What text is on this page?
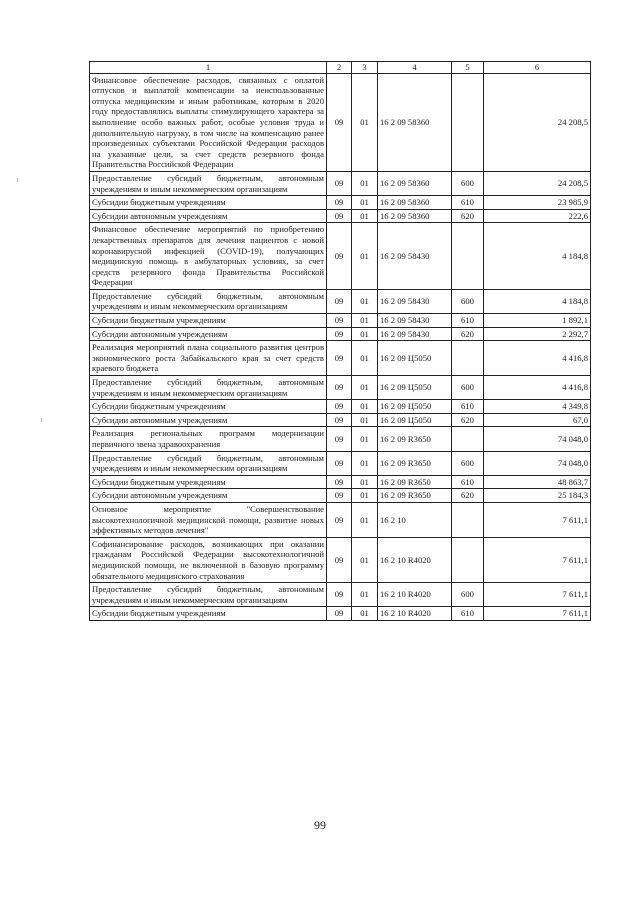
1	2	3	4	5	6
Финансовое обеспечение расходов, связанных с оплатой отпусков и выплатой компенсации за неиспользованные отпуска медицинским и иным работникам, которым в 2020 году предоставлялись выплаты стимулирующего характера за выполнение особо важных работ, особые условия труда и дополнительную нагрузку, в том числе на компенсацию ранее произведенных субъектами Российской Федерации расходов на указанные цели, за счет средств резервного фонда Правительства Российской Федерации	09	01	16 2 09 58360		24 208,5
Предоставление субсидий бюджетным, автономным учреждениям и иным некоммерческим организациям	09	01	16 2 09 58360	600	24 208,5
Субсидии бюджетным учреждениям	09	01	16 2 09 58360	610	23 985,9
Субсидии автономным учреждениям	09	01	16 2 09 58360	620	222,6
Финансовое обеспечение мероприятий по приобретению лекарственных препаратов для лечения пациентов с новой коронавирусной инфекцией (COVID-19), получающих медицинскую помощь в амбулаторных условиях, за счет средств резервного фонда Правительства Российской Федерации	09	01	16 2 09 58430		4 184,8
Предоставление субсидий бюджетным, автономным учреждениям и иным некоммерческим организациям	09	01	16 2 09 58430	600	4 184,8
Субсидии бюджетным учреждениям	09	01	16 2 09 58430	610	1 892,1
Субсидии автономным учреждениям	09	01	16 2 09 58430	620	2 292,7
Реализация мероприятий плана социального развития центров экономического роста Забайкальского края за счет средств краевого бюджета	09	01	16 2 09 Ц5050		4 416,8
Предоставление субсидий бюджетным, автономным учреждениям и иным некоммерческим организациям	09	01	16 2 09 Ц5050	600	4 416,8
Субсидии бюджетным учреждениям	09	01	16 2 09 Ц5050	610	4 349,8
Субсидии автономным учреждениям	09	01	16 2 09 Ц5050	620	67,0
Реализация региональных программ модернизации первичного звена здравоохранения	09	01	16 2 09 R3650		74 048,0
Предоставление субсидий бюджетным, автономным учреждениям и иным некоммерческим организациям	09	01	16 2 09 R3650	600	74 048,0
Субсидии бюджетным учреждениям	09	01	16 2 09 R3650	610	48 863,7
Субсидии автономным учреждениям	09	01	16 2 09 R3650	620	25 184,3
Основное мероприятие "Совершенствование высокотехнологичной медицинской помощи, развитие новых эффективных методов лечения"	09	01	16 2 10		7 611,1
Софинансирование расходов, возникающих при оказании гражданам Российской Федерации высокотехнологичной медицинской помощи, не включенной в базовую программу обязательного медицинского страхования	09	01	16 2 10 R4020		7 611,1
Предоставление субсидий бюджетным, автономным учреждениям и иным некоммерческим организациям	09	01	16 2 10 R4020	600	7 611,1
Субсидии бюджетным учреждениям	09	01	16 2 10 R4020	610	7 611,1
99
